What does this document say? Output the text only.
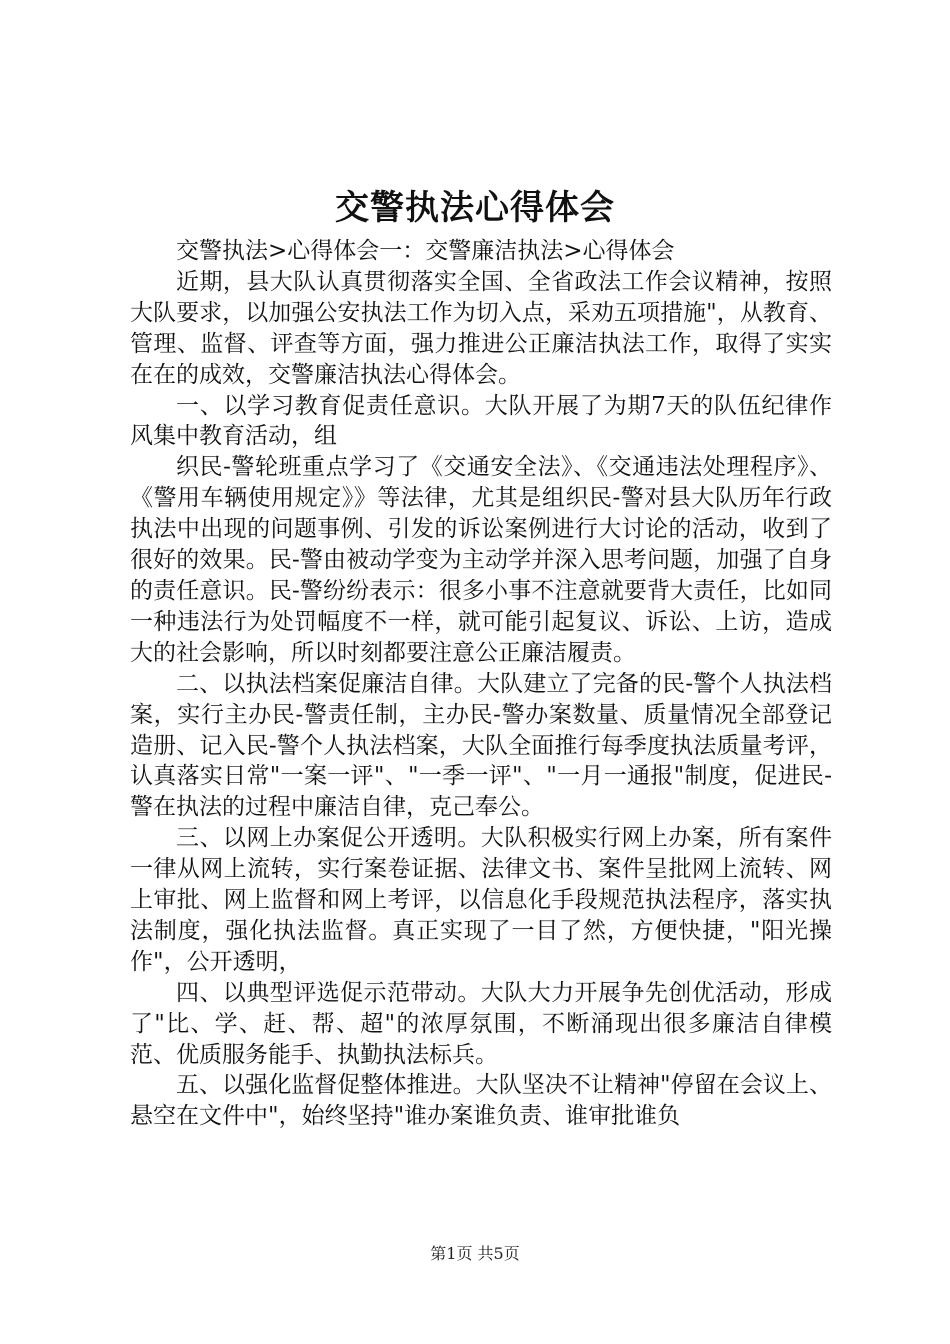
交警执法心得体会

交警执法>心得体会一：交警廉洁执法>心得体会

近期，县大队认真贯彻落实全国、全省政法工作会议精神，按照大队要求，以加强公安执法工作为切入点，采劝五项措施"，从教育、管理、监督、评查等方面，强力推进公正廉洁执法工作，取得了实实在在的成效，交警廉洁执法心得体会。

一、以学习教育促责任意识。大队开展了为期7天的队伍纪律作风集中教育活动，组

织民-警轮班重点学习了《交通安全法》、《交通违法处理程序》、《警用车辆使用规定》》等法律，尤其是组织民-警对县大队历年行政执法中出现的问题事例、引发的诉讼案例进行大讨论的活动，收到了很好的效果。民-警由被动学变为主动学并深入思考问题，加强了自身的责任意识。民-警纷纷表示：很多小事不注意就要背大责任，比如同一种违法行为处罚幅度不一样，就可能引起复议、诉讼、上访，造成大的社会影响，所以时刻都要注意公正廉洁履责。

二、以执法档案促廉洁自律。大队建立了完备的民-警个人执法档案，实行主办民-警责任制，主办民-警办案数量、质量情况全部登记造册、记入民-警个人执法档案，大队全面推行每季度执法质量考评，认真落实日常"一案一评"、"一季一评"、"一月一通报"制度，促进民-警在执法的过程中廉洁自律，克己奉公。

三、以网上办案促公开透明。大队积极实行网上办案，所有案件一律从网上流转，实行案卷证据、法律文书、案件呈批网上流转、网上审批、网上监督和网上考评，以信息化手段规范执法程序，落实执法制度，强化执法监督。真正实现了一目了然，方便快捷，"阳光操作"，公开透明，

四、以典型评选促示范带动。大队大力开展争先创优活动，形成了"比、学、赶、帮、超"的浓厚氛围，不断涌现出很多廉洁自律模范、优质服务能手、执勤执法标兵。

五、以强化监督促整体推进。大队坚决不让精神"停留在会议上、悬空在文件中"，始终坚持"谁办案谁负责、谁审批谁负

第1页 共5页
